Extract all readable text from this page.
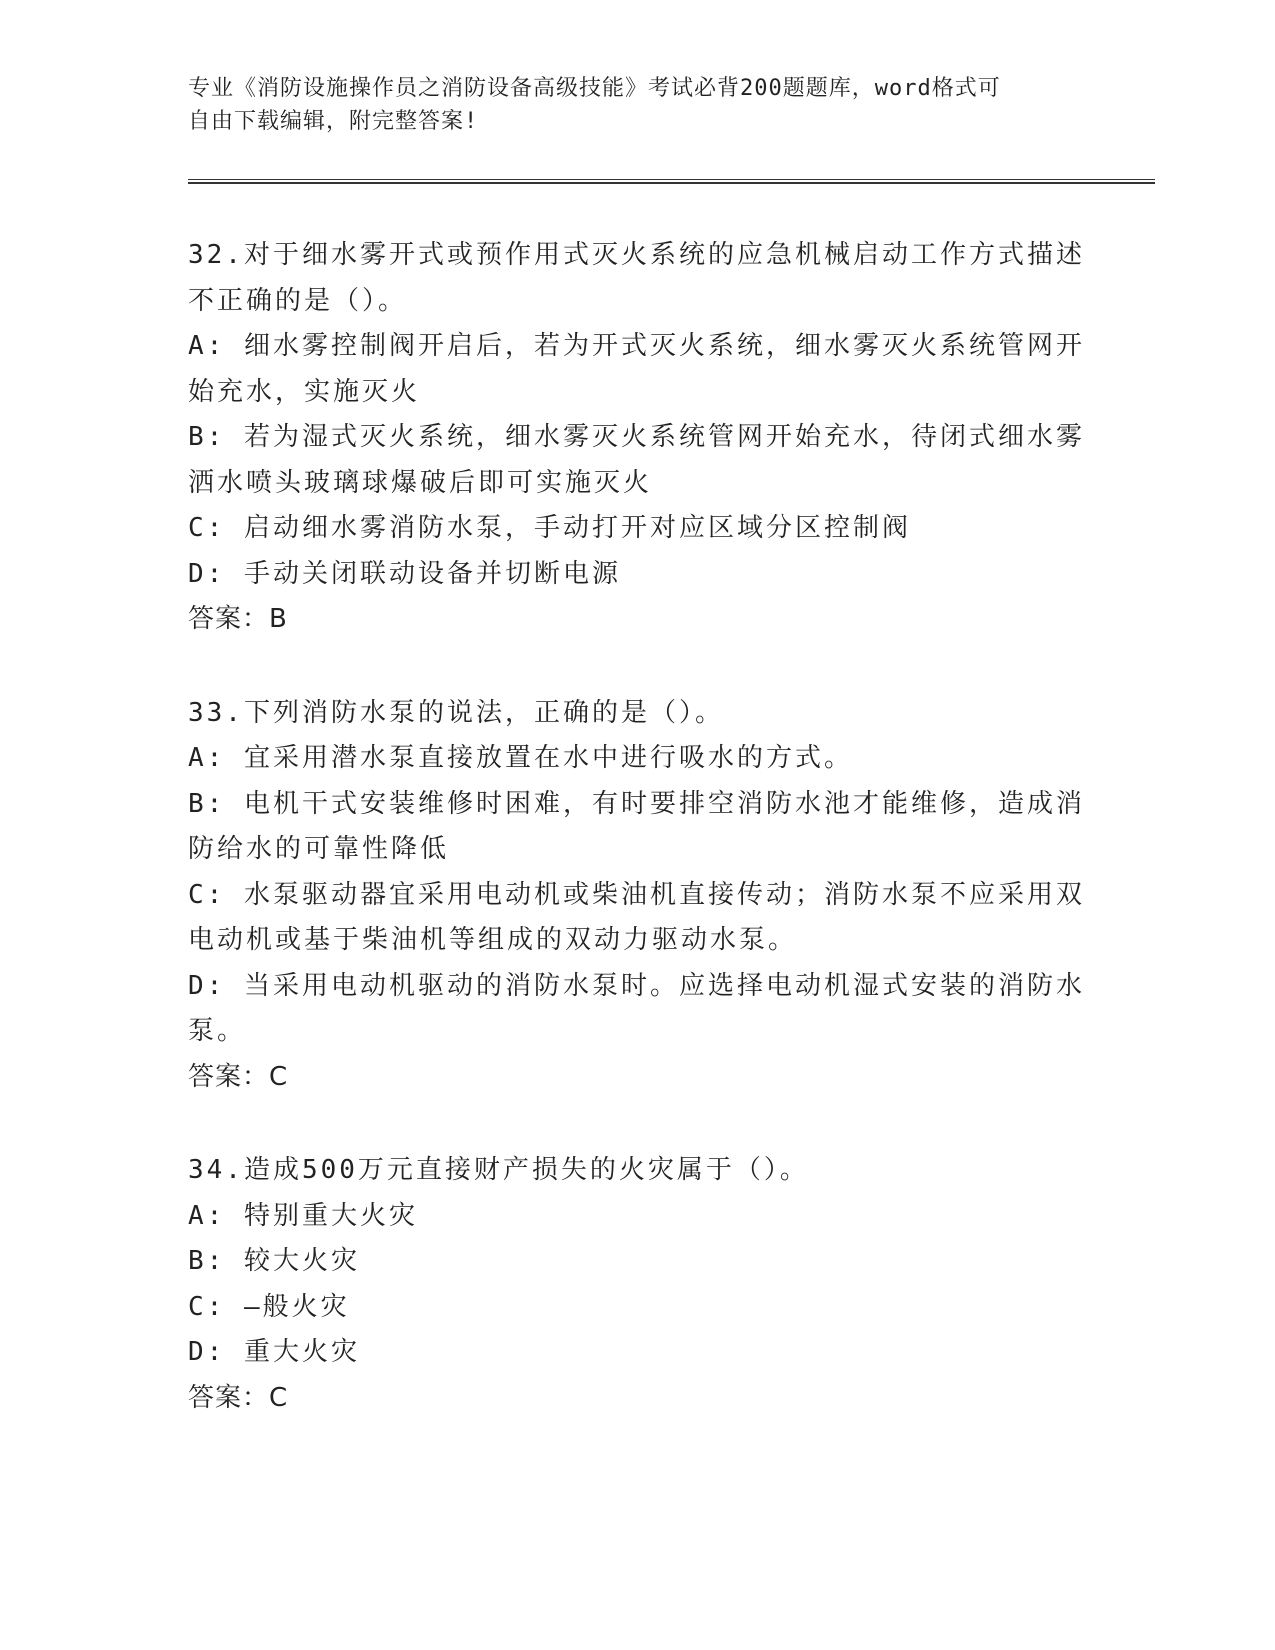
专业《消防设施操作员之消防设备高级技能》考试必背200题题库，word格式可
自由下载编辑，附完整答案!
32.对于细水雾开式或预作用式灭火系统的应急机械启动工作方式描述
不正确的是（）。
A: 细水雾控制阀开启后，若为开式灭火系统，细水雾灭火系统管网开
始充水，实施灭火
B: 若为湿式灭火系统，细水雾灭火系统管网开始充水，待闭式细水雾
洒水喷头玻璃球爆破后即可实施灭火
C: 启动细水雾消防水泵，手动打开对应区域分区控制阀
D: 手动关闭联动设备并切断电源
答案：B
33.下列消防水泵的说法，正确的是（）。
A: 宜采用潜水泵直接放置在水中进行吸水的方式。
B: 电机干式安装维修时困难，有时要排空消防水池才能维修，造成消
防给水的可靠性降低
C: 水泵驱动器宜采用电动机或柴油机直接传动；消防水泵不应采用双
电动机或基于柴油机等组成的双动力驱动水泵。
D: 当采用电动机驱动的消防水泵时。应选择电动机湿式安装的消防水
泵。
答案：C
34.造成500万元直接财产损失的火灾属于（）。
A: 特别重大火灾
B: 较大火灾
C: —般火灾
D: 重大火灾
答案：C
